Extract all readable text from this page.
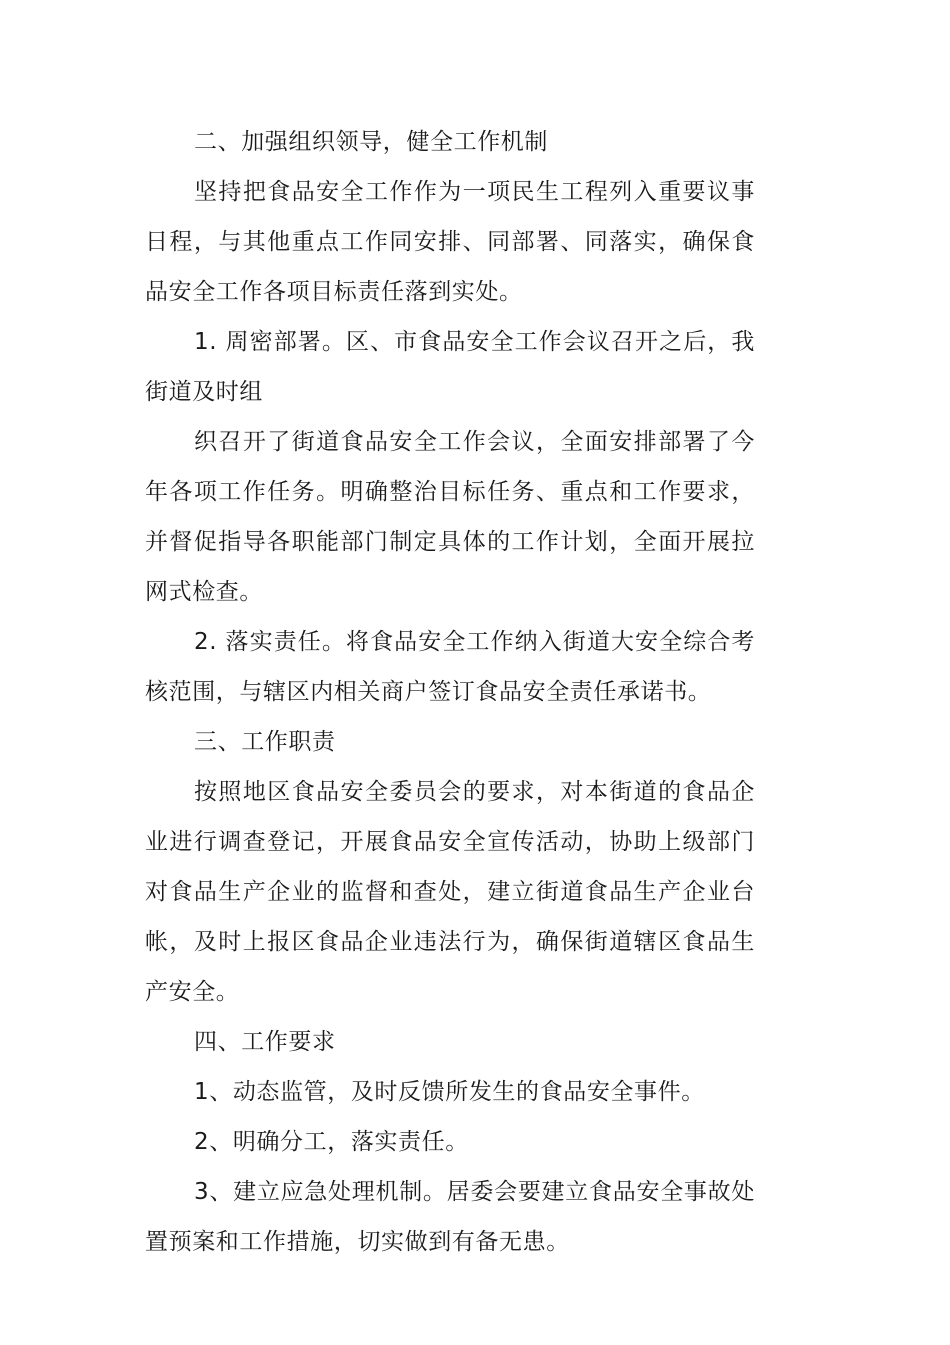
二、加强组织领导，健全工作机制

坚持把食品安全工作作为一项民生工程列入重要议事日程，与其他重点工作同安排、同部署、同落实，确保食品安全工作各项目标责任落到实处。

1. 周密部署。区、市食品安全工作会议召开之后，我街道及时组

织召开了街道食品安全工作会议，全面安排部署了今年各项工作任务。明确整治目标任务、重点和工作要求，并督促指导各职能部门制定具体的工作计划，全面开展拉网式检查。

2. 落实责任。将食品安全工作纳入街道大安全综合考核范围，与辖区内相关商户签订食品安全责任承诺书。

三、工作职责

按照地区食品安全委员会的要求，对本街道的食品企业进行调查登记，开展食品安全宣传活动，协助上级部门对食品生产企业的监督和查处，建立街道食品生产企业台帐，及时上报区食品企业违法行为，确保街道辖区食品生产安全。

四、工作要求

1、动态监管，及时反馈所发生的食品安全事件。

2、明确分工，落实责任。

3、建立应急处理机制。居委会要建立食品安全事故处置预案和工作措施，切实做到有备无患。
